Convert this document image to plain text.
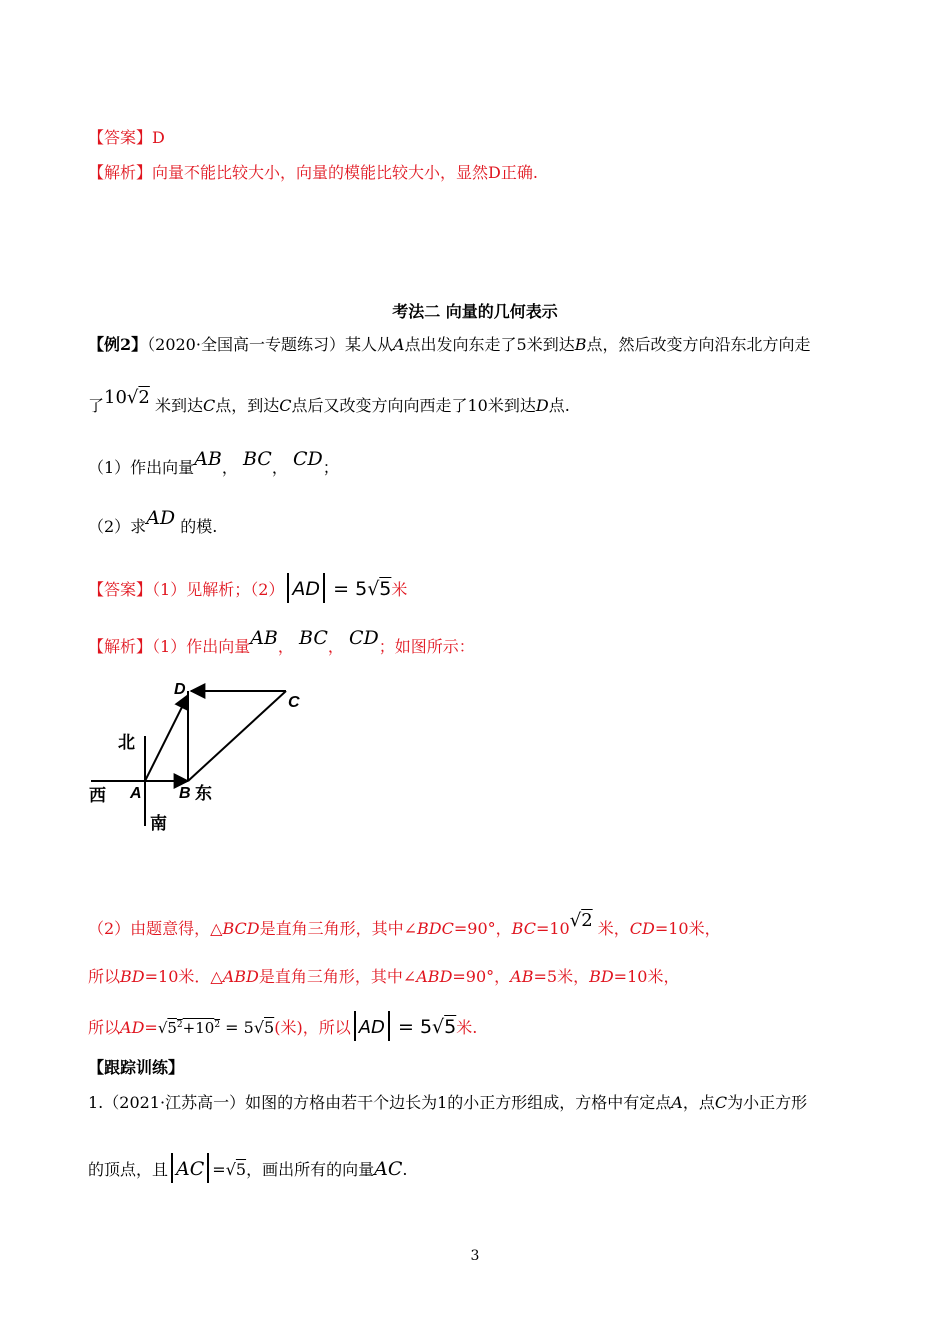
【答案】D
【解析】向量不能比较大小，向量的模能比较大小，显然D正确.
考法二 向量的几何表示
【例2】（2020·全国高一专题练习）某人从A点出发向东走了5米到达B点，然后改变方向沿东北方向走
了10√2 米到达C点，到达C点后又改变方向向西走了10米到达D点.
（1）作出向量AB， BC， CD；
（2）求AD 的模.
【答案】（1）见解析；（2） AD = 5√5米
【解析】（1）作出向量AB， BC， CD；如图所示：
D
C
A B
北
南
东
西
（2）由题意得，△BCD是直角三角形，其中∠BDC=90°，BC=10√2 米，CD=10米，
所以BD=10米．△ABD是直角三角形，其中∠ABD=90°，AB=5米，BD=10米，
所以$AD=√5^2+10^2 = 5√5$(米)，所以 AD = 5√5米.
【跟踪训练】
1.（2021·江苏高一）如图的方格由若干个边长为1的小正方形组成，方格中有定点A，点C为小正方形
的顶点，且 AC =√5，画出所有的向量AC.
3
